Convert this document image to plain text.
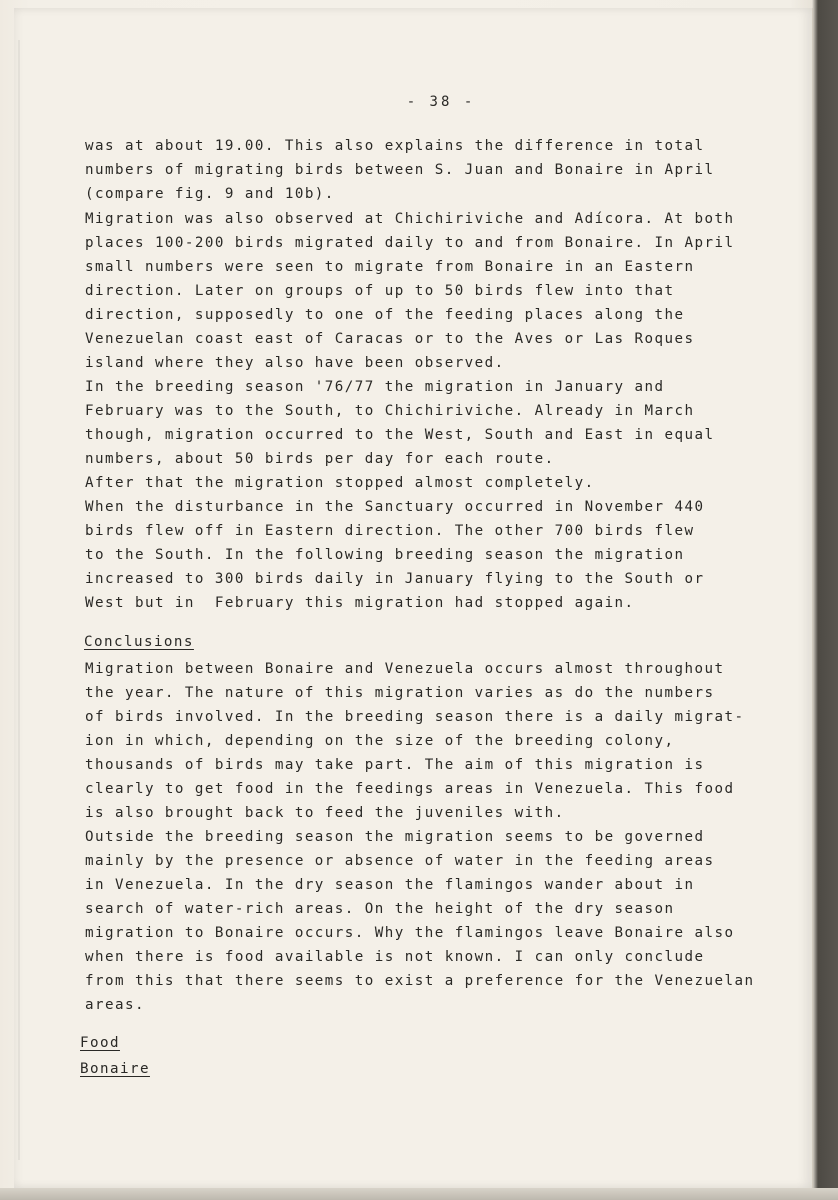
- 38 -
was at about 19.00. This also explains the difference in total
numbers of migrating birds between S. Juan and Bonaire in April
(compare fig. 9 and 10b).
Migration was also observed at Chichiriviche and Adícora. At both
places 100-200 birds migrated daily to and from Bonaire. In April
small numbers were seen to migrate from Bonaire in an Eastern
direction. Later on groups of up to 50 birds flew into that
direction, supposedly to one of the feeding places along the
Venezuelan coast east of Caracas or to the Aves or Las Roques
island where they also have been observed.
In the breeding season '76/77 the migration in January and
February was to the South, to Chichiriviche. Already in March
though, migration occurred to the West, South and East in equal
numbers, about 50 birds per day for each route.
After that the migration stopped almost completely.
When the disturbance in the Sanctuary occurred in November 440
birds flew off in Eastern direction. The other 700 birds flew
to the South. In the following breeding season the migration
increased to 300 birds daily in January flying to the South or
West but in  February this migration had stopped again.
Conclusions
Migration between Bonaire and Venezuela occurs almost throughout
the year. The nature of this migration varies as do the numbers
of birds involved. In the breeding season there is a daily migrat-
ion in which, depending on the size of the breeding colony,
thousands of birds may take part. The aim of this migration is
clearly to get food in the feedings areas in Venezuela. This food
is also brought back to feed the juveniles with.
Outside the breeding season the migration seems to be governed
mainly by the presence or absence of water in the feeding areas
in Venezuela. In the dry season the flamingos wander about in
search of water-rich areas. On the height of the dry season
migration to Bonaire occurs. Why the flamingos leave Bonaire also
when there is food available is not known. I can only conclude
from this that there seems to exist a preference for the Venezuelan
areas.
Food
Bonaire
